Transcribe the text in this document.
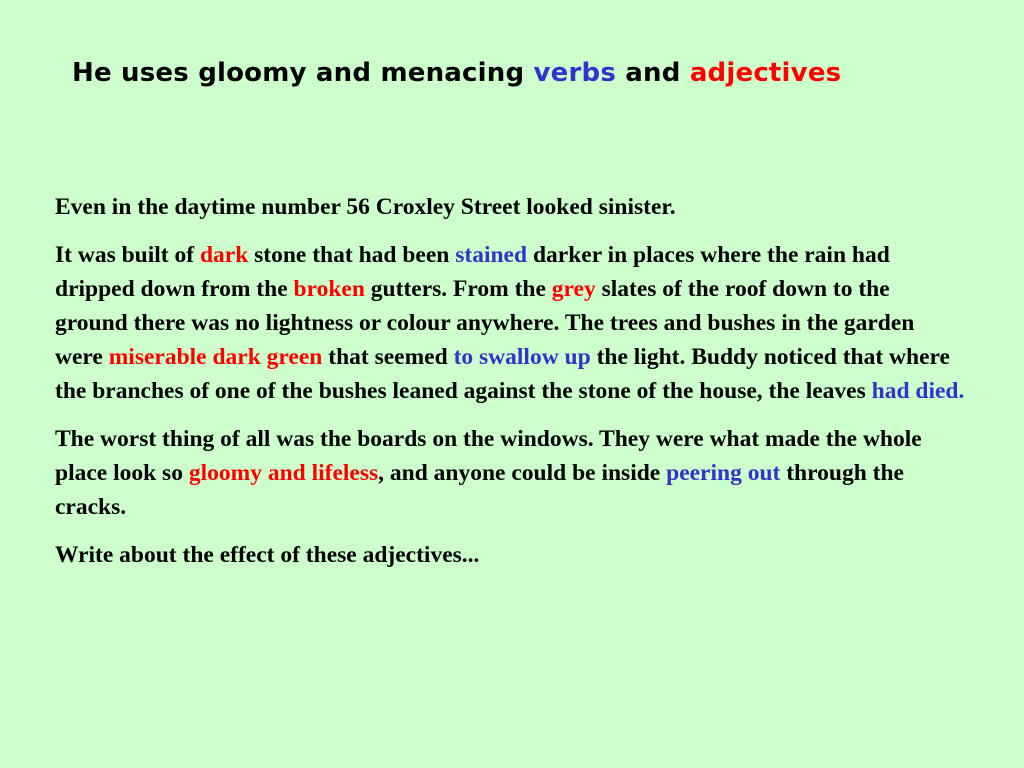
He uses gloomy and menacing verbs and adjectives

Even in the daytime number 56 Croxley Street looked sinister.

It was built of dark stone that had been stained darker in places where the rain had dripped down from the broken gutters. From the grey slates of the roof down to the ground there was no lightness or colour anywhere. The trees and bushes in the garden were miserable dark green that seemed to swallow up the light. Buddy noticed that where the branches of one of the bushes leaned against the stone of the house, the leaves had died.

The worst thing of all was the boards on the windows. They were what made the whole place look so gloomy and lifeless, and anyone could be inside peering out through the cracks.

Write about the effect of these adjectives...
